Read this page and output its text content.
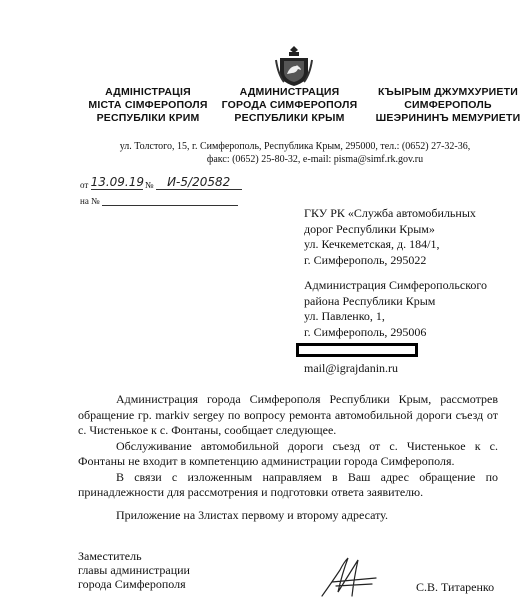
АДМІНІСТРАЦІЯ
МІСТА СІМФЕРОПОЛЯ
РЕСПУБЛІКИ КРИМ
АДМИНИСТРАЦИЯ
ГОРОДА СИМФЕРОПОЛЯ
РЕСПУБЛИКИ КРЫМ
КЪЫРЫМ ДЖУМХУРИЕТИ
СИМФЕРОПОЛЬ
ШЕЭРИНИНЪ МЕМУРИЕТИ
ул. Толстого, 15, г. Симферополь, Республика Крым, 295000, тел.: (0652) 27-32-36,
факс: (0652) 25-80-32, e-mail: pisma@simf.rk.gov.ru
от 13.09.19 № И-5/20582
на №
ГКУ РК «Служба автомобильных
дорог Республики Крым»
ул. Кечкеметская, д. 184/1,
г. Симферополь, 295022
Администрация Симферопольского
района Республики Крым
ул. Павленко, 1,
г. Симферополь, 295006
mail@igrajdanin.ru

Администрация города Симферополя Республики Крым, рассмотрев обращение гр. markiv sergey по вопросу ремонта автомобильной дороги съезд от с. Чистенькое к с. Фонтаны, сообщает следующее.

Обслуживание автомобильной дороги съезд от с. Чистенькое к с. Фонтаны не входит в компетенцию администрации города Симферополя.

В связи с изложенным направляем в Ваш адрес обращение по принадлежности для рассмотрения и подготовки ответа заявителю.

Приложение на 3листах первому и второму адресату.
Заместитель
главы администрации
города Симферополя	С.В. Титаренко
